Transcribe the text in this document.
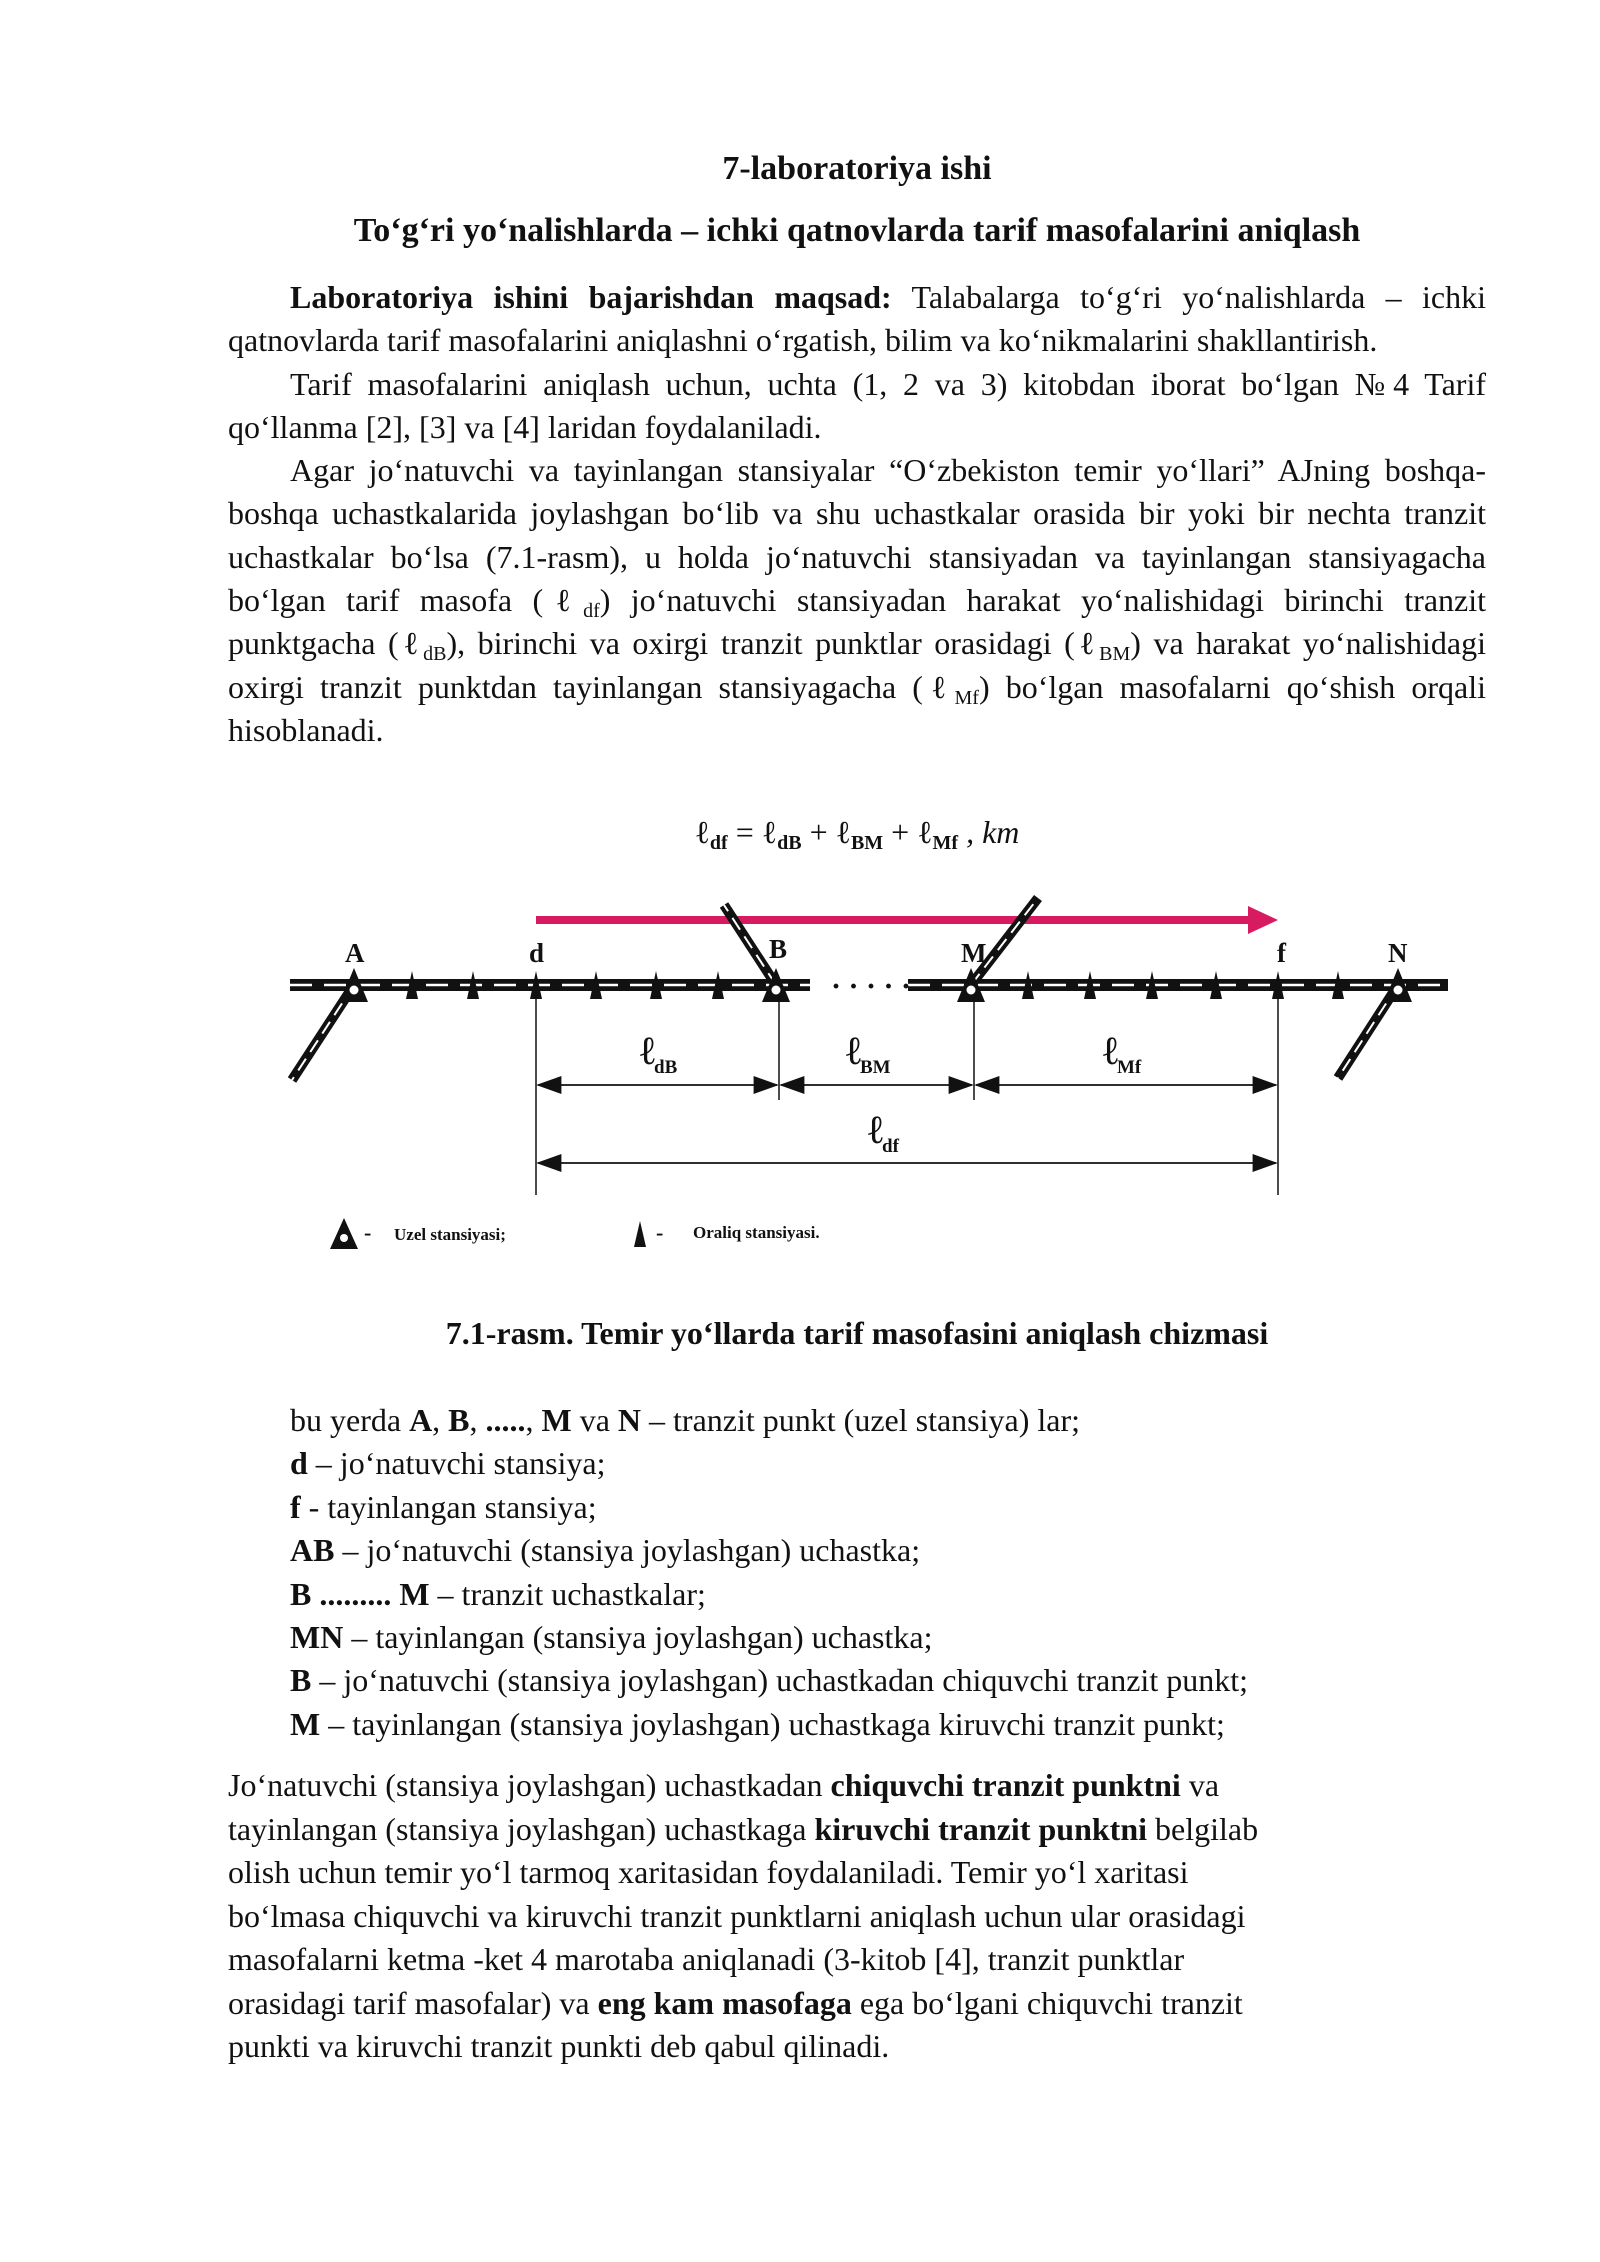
7-laboratoriya ishi
To‘g‘ri yo‘nalishlarda – ichki qatnovlarda tarif masofalarini aniqlash

Laboratoriya ishini bajarishdan maqsad: Talabalarga to‘g‘ri yo‘nalishlarda – ichki qatnovlarda tarif masofalarini aniqlashni o‘rgatish, bilim va ko‘nikmalarini shakllantirish.

Tarif masofalarini aniqlash uchun, uchta (1, 2 va 3) kitobdan iborat bo‘lgan №4 Tarif qo‘llanma [2], [3] va [4] laridan foydalaniladi.

Agar jo‘natuvchi va tayinlangan stansiyalar “O‘zbekiston temir yo‘llari” AJning boshqa-boshqa uchastkalarida joylashgan bo‘lib va shu uchastkalar orasida bir yoki bir nechta tranzit uchastkalar bo‘lsa (7.1-rasm), u holda jo‘natuvchi stansiyadan va tayinlangan stansiyagacha bo‘lgan tarif masofa (ℓ$_{df}$) jo‘natuvchi stansiyadan harakat yo‘nalishidagi birinchi tranzit punktgacha (ℓ$_{dB}$), birinchi va oxirgi tranzit punktlar orasidagi (ℓ$_{BM}$) va harakat yo‘nalishidagi oxirgi tranzit punktdan tayinlangan stansiyagacha (ℓ$_{Mf}$) bo‘lgan masofalarni qo‘shish orqali hisoblanadi.

ℓdf = ℓdB + ℓBM + ℓMf , km
· · · · ·
A	d	B	M	f	N
ℓ dB	ℓ BM	ℓ Mf
ℓ df
- Uzel stansiyasi;	- Oraliq stansiyasi.
7.1-rasm. Temir yo‘llarda tarif masofasini aniqlash chizmasi
bu yerda A, B, ....., M va N – tranzit punkt (uzel stansiya) lar;
d – jo‘natuvchi stansiya;
f - tayinlangan stansiya;
AB – jo‘natuvchi (stansiya joylashgan) uchastka;
B ......... M – tranzit uchastkalar;
MN – tayinlangan (stansiya joylashgan) uchastka;
B – jo‘natuvchi (stansiya joylashgan) uchastkadan chiquvchi tranzit punkt;
M – tayinlangan (stansiya joylashgan) uchastkaga kiruvchi tranzit punkt;
Jo‘natuvchi (stansiya joylashgan) uchastkadan chiquvchi tranzit punktni va
tayinlangan (stansiya joylashgan) uchastkaga kiruvchi tranzit punktni belgilab
olish uchun temir yo‘l tarmoq xaritasidan foydalaniladi. Temir yo‘l xaritasi
bo‘lmasa chiquvchi va kiruvchi tranzit punktlarni aniqlash uchun ular orasidagi
masofalarni ketma -ket 4 marotaba aniqlanadi (3-kitob [4], tranzit punktlar
orasidagi tarif masofalar) va eng kam masofaga ega bo‘lgani chiquvchi tranzit
punkti va kiruvchi tranzit punkti deb qabul qilinadi.
